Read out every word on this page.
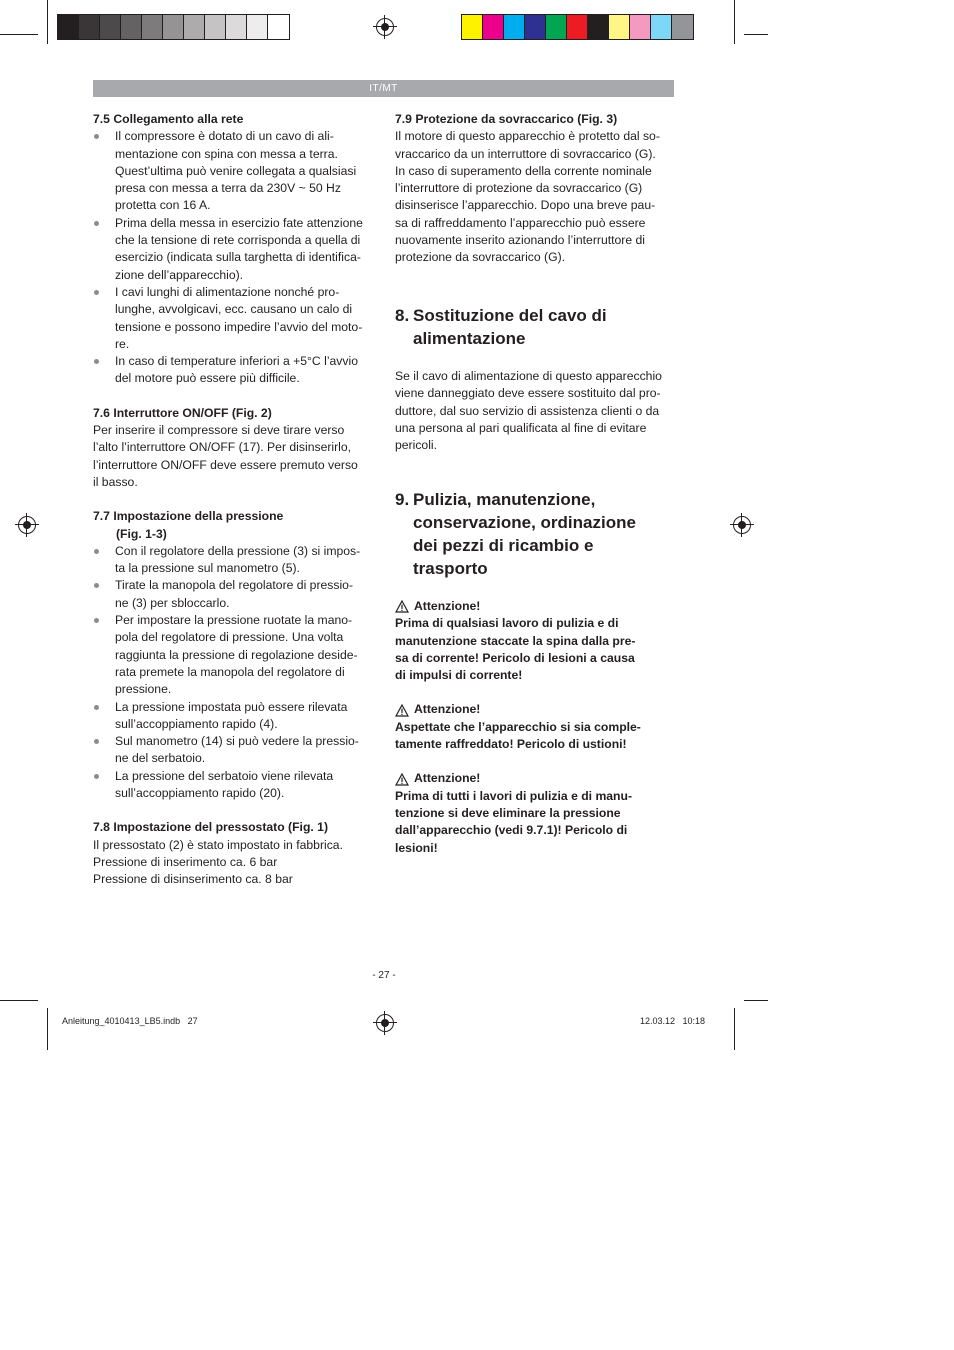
IT/MT

7.5 Collegamento alla rete

Il compressore è dotato di un cavo di ali-
mentazione con spina con messa a terra.
Quest’ultima può venire collegata a qualsiasi
presa con messa a terra da 230V ~ 50 Hz
protetta con 16 A.
Prima della messa in esercizio fate attenzione
che la tensione di rete corrisponda a quella di
esercizio (indicata sulla targhetta di identifica-
zione dell’apparecchio).
I cavi lunghi di alimentazione nonché pro-
lunghe, avvolgicavi, ecc. causano un calo di
tensione e possono impedire l’avvio del moto-
re.
In caso di temperature inferiori a +5°C l’avvio
del motore può essere più difficile.

7.6 Interruttore ON/OFF (Fig. 2)

Per inserire il compressore si deve tirare verso
l’alto l’interruttore ON/OFF (17). Per disinserirlo,
l’interruttore ON/OFF deve essere premuto verso
il basso.

7.7 Impostazione della pressione
(Fig. 1-3)

Con il regolatore della pressione (3) si impos-
ta la pressione sul manometro (5).
Tirate la manopola del regolatore di pressio-
ne (3) per sbloccarlo.
Per impostare la pressione ruotate la mano-
pola del regolatore di pressione. Una volta
raggiunta la pressione di regolazione deside-
rata premete la manopola del regolatore di
pressione.
La pressione impostata può essere rilevata
sull’accoppiamento rapido (4).
Sul manometro (14) si può vedere la pressio-
ne del serbatoio.
La pressione del serbatoio viene rilevata
sull’accoppiamento rapido (20).

7.8 Impostazione del pressostato (Fig. 1)

Il pressostato (2) è stato impostato in fabbrica.
Pressione di inserimento ca. 6 bar
Pressione di disinserimento ca. 8 bar

7.9 Protezione da sovraccarico (Fig. 3)

Il motore di questo apparecchio è protetto dal so-
vraccarico da un interruttore di sovraccarico (G).
In caso di superamento della corrente nominale
l’interruttore di protezione da sovraccarico (G)
disinserisce l’apparecchio. Dopo una breve pau-
sa di raffreddamento l’apparecchio può essere
nuovamente inserito azionando l’interruttore di
protezione da sovraccarico (G).

8. Sostituzione del cavo di
alimentazione

Se il cavo di alimentazione di questo apparecchio
viene danneggiato deve essere sostituito dal pro-
duttore, dal suo servizio di assistenza clienti o da
una persona al pari qualificata al fine di evitare
pericoli.

9. Pulizia, manutenzione,
conservazione, ordinazione
dei pezzi di ricambio e
trasporto
Attenzione!
Prima di qualsiasi lavoro di pulizia e di
manutenzione staccate la spina dalla pre-
sa di corrente! Pericolo di lesioni a causa
di impulsi di corrente!
Attenzione!
Aspettate che l’apparecchio si sia comple-
tamente raffreddato! Pericolo di ustioni!
Attenzione!
Prima di tutti i lavori di pulizia e di manu-
tenzione si deve eliminare la pressione
dall’apparecchio (vedi 9.7.1)! Pericolo di
lesioni!
- 27 -
Anleitung_4010413_LB5.indb   27	12.03.12   10:18
